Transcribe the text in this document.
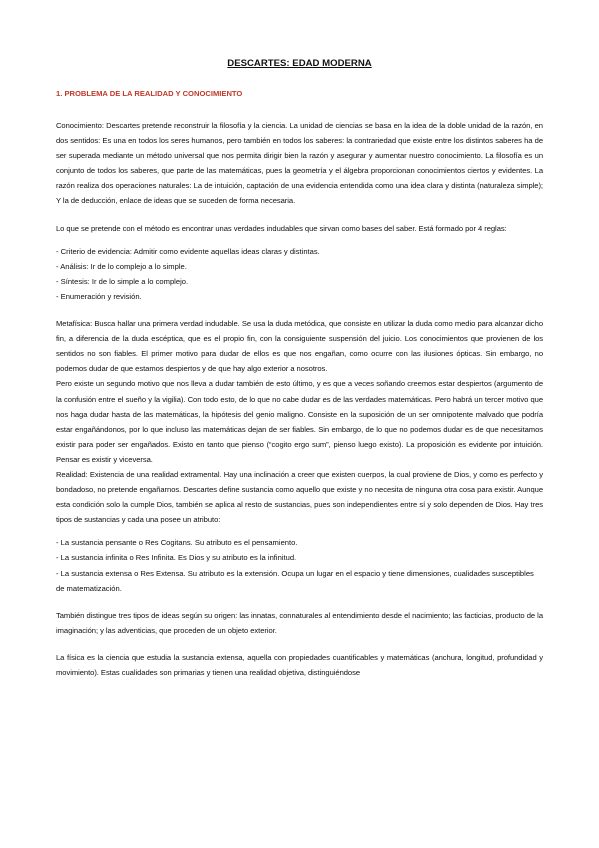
DESCARTES: EDAD MODERNA
1. PROBLEMA DE LA REALIDAD Y CONOCIMIENTO

Conocimiento: Descartes pretende reconstruir la filosofía y la ciencia. La unidad de ciencias se basa en la idea de la doble unidad de la razón, en dos sentidos: Es una en todos los seres humanos, pero también en todos los saberes: la contrariedad que existe entre los distintos saberes ha de ser superada mediante un método universal que nos permita dirigir bien la razón y asegurar y aumentar nuestro conocimiento. La filosofía es un conjunto de todos los saberes, que parte de las matemáticas, pues la geometría y el álgebra proporcionan conocimientos ciertos y evidentes. La razón realiza dos operaciones naturales: La de intuición, captación de una evidencia entendida como una idea clara y distinta (naturaleza simple); Y la de deducción, enlace de ideas que se suceden de forma necesaria.

Lo que se pretende con el método es encontrar unas verdades indudables que sirvan como bases del saber. Está formado por 4 reglas:

- Criterio de evidencia: Admitir como evidente aquellas ideas claras y distintas.
- Análisis: Ir de lo complejo a lo simple.
- Síntesis: Ir de lo simple a lo complejo.
- Enumeración y revisión.

Metafísica: Busca hallar una primera verdad indudable. Se usa la duda metódica, que consiste en utilizar la duda como medio para alcanzar dicho fin, a diferencia de la duda escéptica, que es el propio fin, con la consiguiente suspensión del juicio. Los conocimientos que provienen de los sentidos no son fiables. El primer motivo para dudar de ellos es que nos engañan, como ocurre con las ilusiones ópticas. Sin embargo, no podemos dudar de que estamos despiertos y de que hay algo exterior a nosotros.

Pero existe un segundo motivo que nos lleva a dudar también de esto último, y es que a veces soñando creemos estar despiertos (argumento de la confusión entre el sueño y la vigilia). Con todo esto, de lo que no cabe dudar es de las verdades matemáticas. Pero habrá un tercer motivo que nos haga dudar hasta de las matemáticas, la hipótesis del genio maligno. Consiste en la suposición de un ser omnipotente malvado que podría estar engañándonos, por lo que incluso las matemáticas dejan de ser fiables. Sin embargo, de lo que no podemos dudar es de que necesitamos existir para poder ser engañados. Existo en tanto que pienso (“cogito ergo sum”, pienso luego existo). La proposición es evidente por intuición. Pensar es existir y viceversa.

Realidad: Existencia de una realidad extramental. Hay una inclinación a creer que existen cuerpos, la cual proviene de Dios, y como es perfecto y bondadoso, no pretende engañarnos. Descartes define sustancia como aquello que existe y no necesita de ninguna otra cosa para existir. Aunque esta condición solo la cumple Dios, también se aplica al resto de sustancias, pues son independientes entre sí y solo dependen de Dios. Hay tres tipos de sustancias y cada una posee un atributo:

- La sustancia pensante o Res Cogitans. Su atributo es el pensamiento.
- La sustancia infinita o Res Infinita. Es Dios y su atributo es la infinitud.
- La sustancia extensa o Res Extensa. Su atributo es la extensión. Ocupa un lugar en el espacio y tiene dimensiones, cualidades susceptibles de matematización.

También distingue tres tipos de ideas según su origen: las innatas, connaturales al entendimiento desde el nacimiento; las facticias, producto de la imaginación; y las adventicias, que proceden de un objeto exterior.

La física es la ciencia que estudia la sustancia extensa, aquella con propiedades cuantificables y matemáticas (anchura, longitud, profundidad y movimiento). Estas cualidades son primarias y tienen una realidad objetiva, distinguiéndose
